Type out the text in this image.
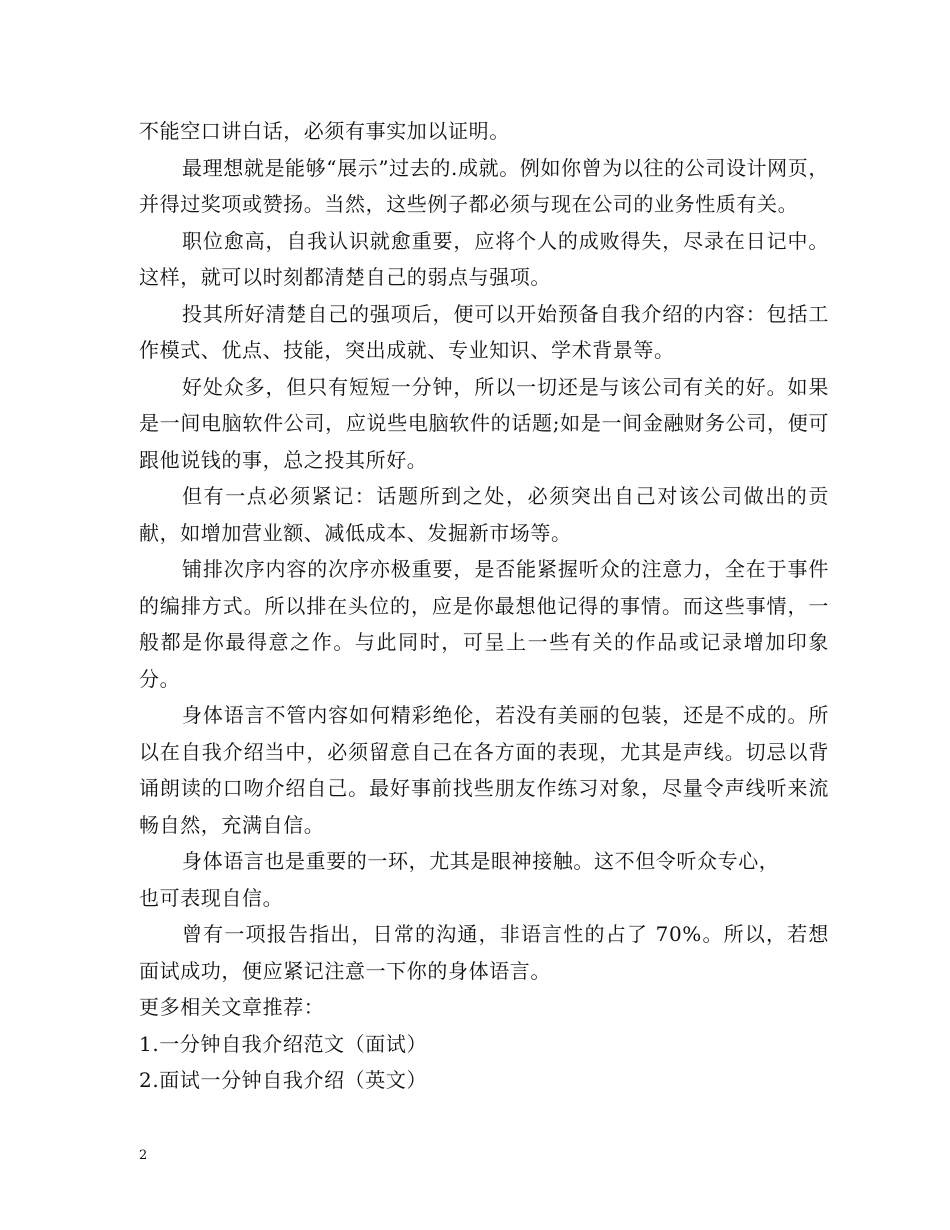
不能空口讲白话，必须有事实加以证明。

最理想就是能够“展示”过去的.成就。例如你曾为以往的公司设计网页，并得过奖项或赞扬。当然，这些例子都必须与现在公司的业务性质有关。

职位愈高，自我认识就愈重要，应将个人的成败得失，尽录在日记中。这样，就可以时刻都清楚自己的弱点与强项。

投其所好清楚自己的强项后，便可以开始预备自我介绍的内容：包括工作模式、优点、技能，突出成就、专业知识、学术背景等。

好处众多，但只有短短一分钟，所以一切还是与该公司有关的好。如果是一间电脑软件公司，应说些电脑软件的话题;如是一间金融财务公司，便可跟他说钱的事，总之投其所好。

但有一点必须紧记：话题所到之处，必须突出自己对该公司做出的贡献，如增加营业额、减低成本、发掘新市场等。

铺排次序内容的次序亦极重要，是否能紧握听众的注意力，全在于事件的编排方式。所以排在头位的，应是你最想他记得的事情。而这些事情，一般都是你最得意之作。与此同时，可呈上一些有关的作品或记录增加印象分。

身体语言不管内容如何精彩绝伦，若没有美丽的包装，还是不成的。所以在自我介绍当中，必须留意自己在各方面的表现，尤其是声线。切忌以背诵朗读的口吻介绍自己。最好事前找些朋友作练习对象，尽量令声线听来流畅自然，充满自信。

身体语言也是重要的一环，尤其是眼神接触。这不但令听众专心，

也可表现自信。

曾有一项报告指出，日常的沟通，非语言性的占了 70%。所以，若想面试成功，便应紧记注意一下你的身体语言。

更多相关文章推荐：

1.一分钟自我介绍范文（面试）

2.面试一分钟自我介绍（英文）

2
